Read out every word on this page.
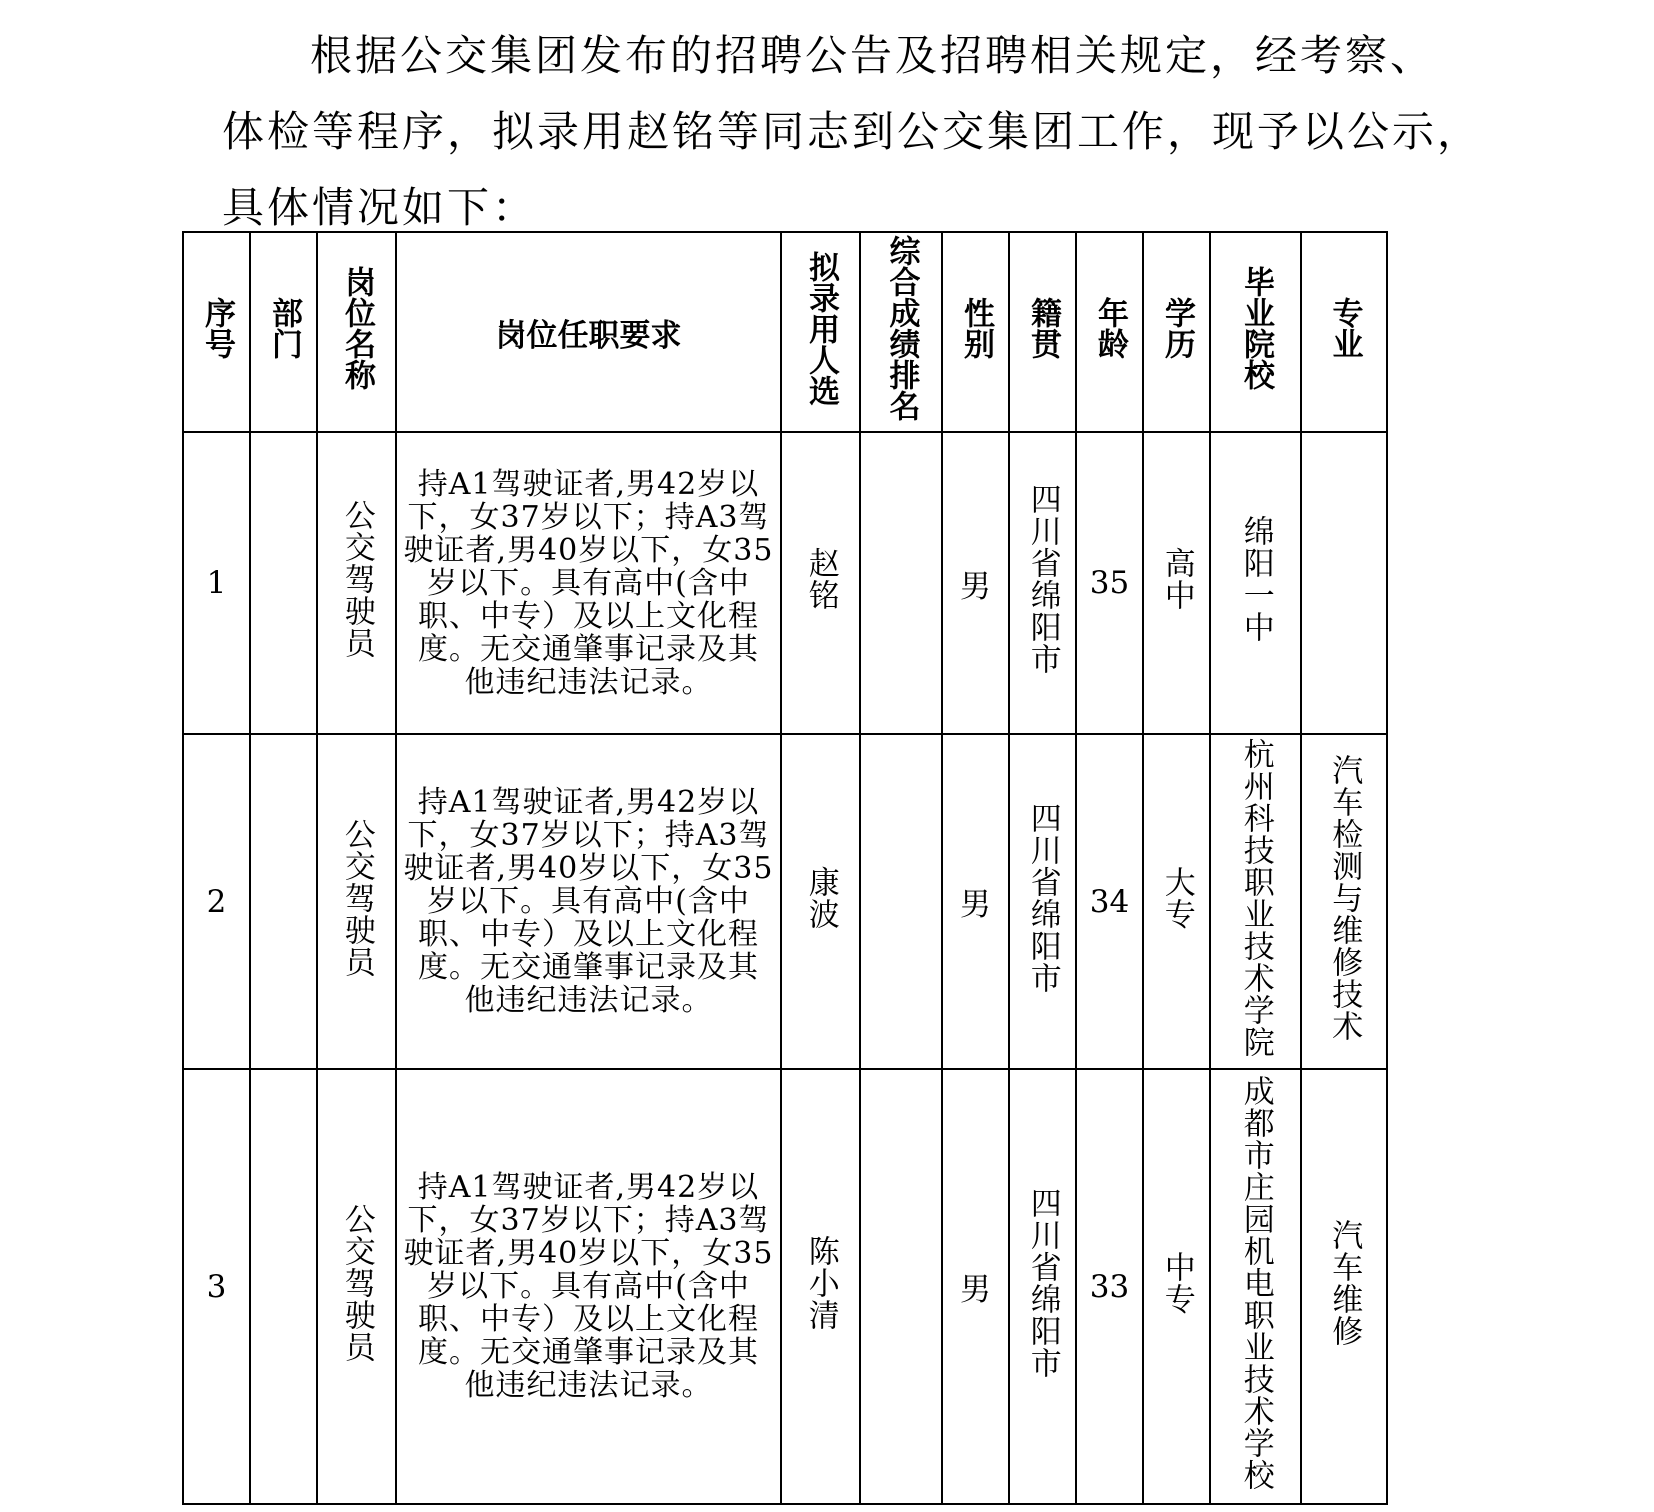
根据公交集团发布的招聘公告及招聘相关规定，经考察、
体检等程序，拟录用赵铭等同志到公交集团工作，现予以公示，
具体情况如下：
序号	部门	岗位名称	岗位任职要求	拟录用人选	综合成绩排名	性别	籍贯	年龄	学历	毕业院校	专业
1		公交驾驶员	持A1驾驶证者,男42岁以下，女37岁以下；持A3驾驶证者,男40岁以下，女35岁以下。具有高中(含中职、中专）及以上文化程度。无交通肇事记录及其他违纪违法记录。	赵铭		男	四川省绵阳市	35	高中	绵阳一中	
2		公交驾驶员	持A1驾驶证者,男42岁以下，女37岁以下；持A3驾驶证者,男40岁以下，女35岁以下。具有高中(含中职、中专）及以上文化程度。无交通肇事记录及其他违纪违法记录。	康波		男	四川省绵阳市	34	大专	杭州科技职业技术学院	汽车检测与维修技术
3		公交驾驶员	持A1驾驶证者,男42岁以下，女37岁以下；持A3驾驶证者,男40岁以下，女35岁以下。具有高中(含中职、中专）及以上文化程度。无交通肇事记录及其他违纪违法记录。	陈小清		男	四川省绵阳市	33	中专	成都市庄园机电职业技术学校	汽车维修
